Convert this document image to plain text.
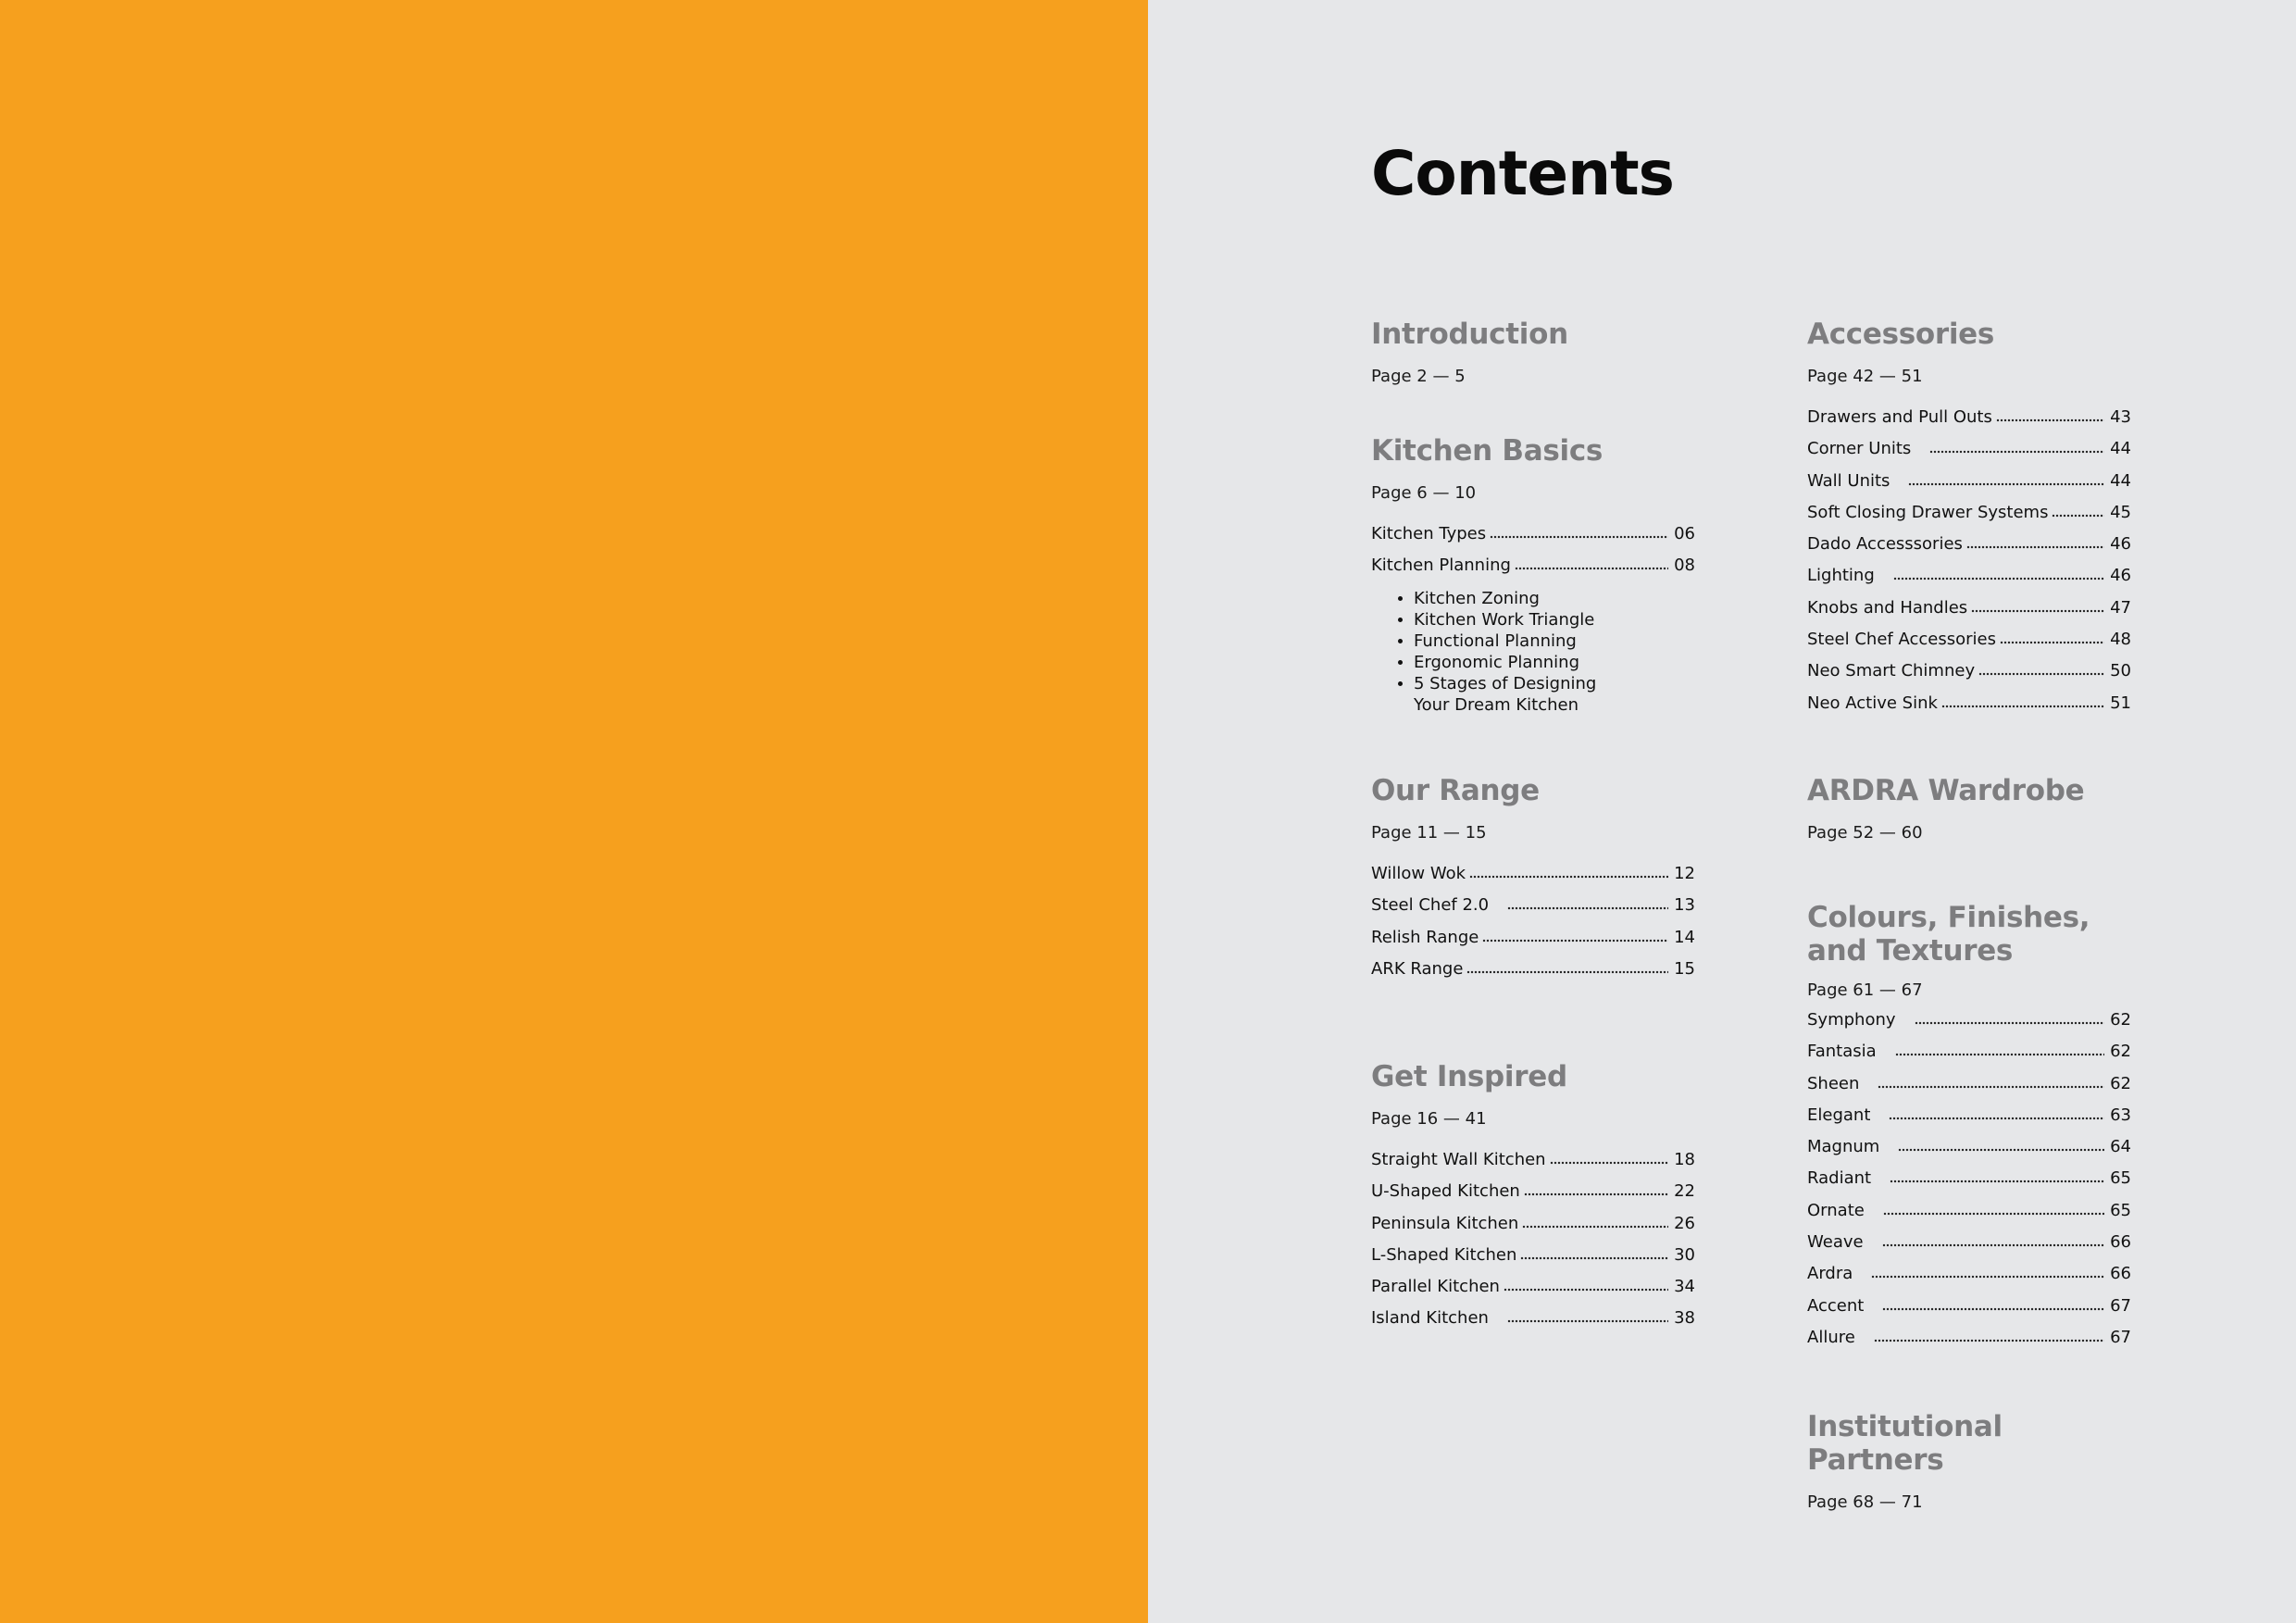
Contents
Introduction
Page 2 — 5
Kitchen Basics
Page 6 — 10
Kitchen Types	06
Kitchen Planning	08
• Kitchen Zoning
• Kitchen Work Triangle
• Functional Planning
• Ergonomic Planning
• 5 Stages of Designing
Your Dream Kitchen
Our Range
Page 11 — 15
Willow Wok	12
Steel Chef 2.0	13
Relish Range	14
ARK Range	15
Get Inspired
Page 16 — 41
Straight Wall Kitchen	18
U-Shaped Kitchen	22
Peninsula Kitchen	26
L-Shaped Kitchen	30
Parallel Kitchen	34
Island Kitchen	38
Accessories
Page 42 — 51
Drawers and Pull Outs	43
Corner Units	44
Wall Units	44
Soft Closing Drawer Systems	45
Dado Accesssories	46
Lighting	46
Knobs and Handles	47
Steel Chef Accessories	48
Neo Smart Chimney	50
Neo Active Sink	51
ARDRA Wardrobe
Page 52 — 60
Colours, Finishes,
and Textures
Page 61 — 67
Symphony	62
Fantasia	62
Sheen	62
Elegant	63
Magnum	64
Radiant	65
Ornate	65
Weave	66
Ardra	66
Accent	67
Allure	67
Institutional Partners
Page 68 — 71
